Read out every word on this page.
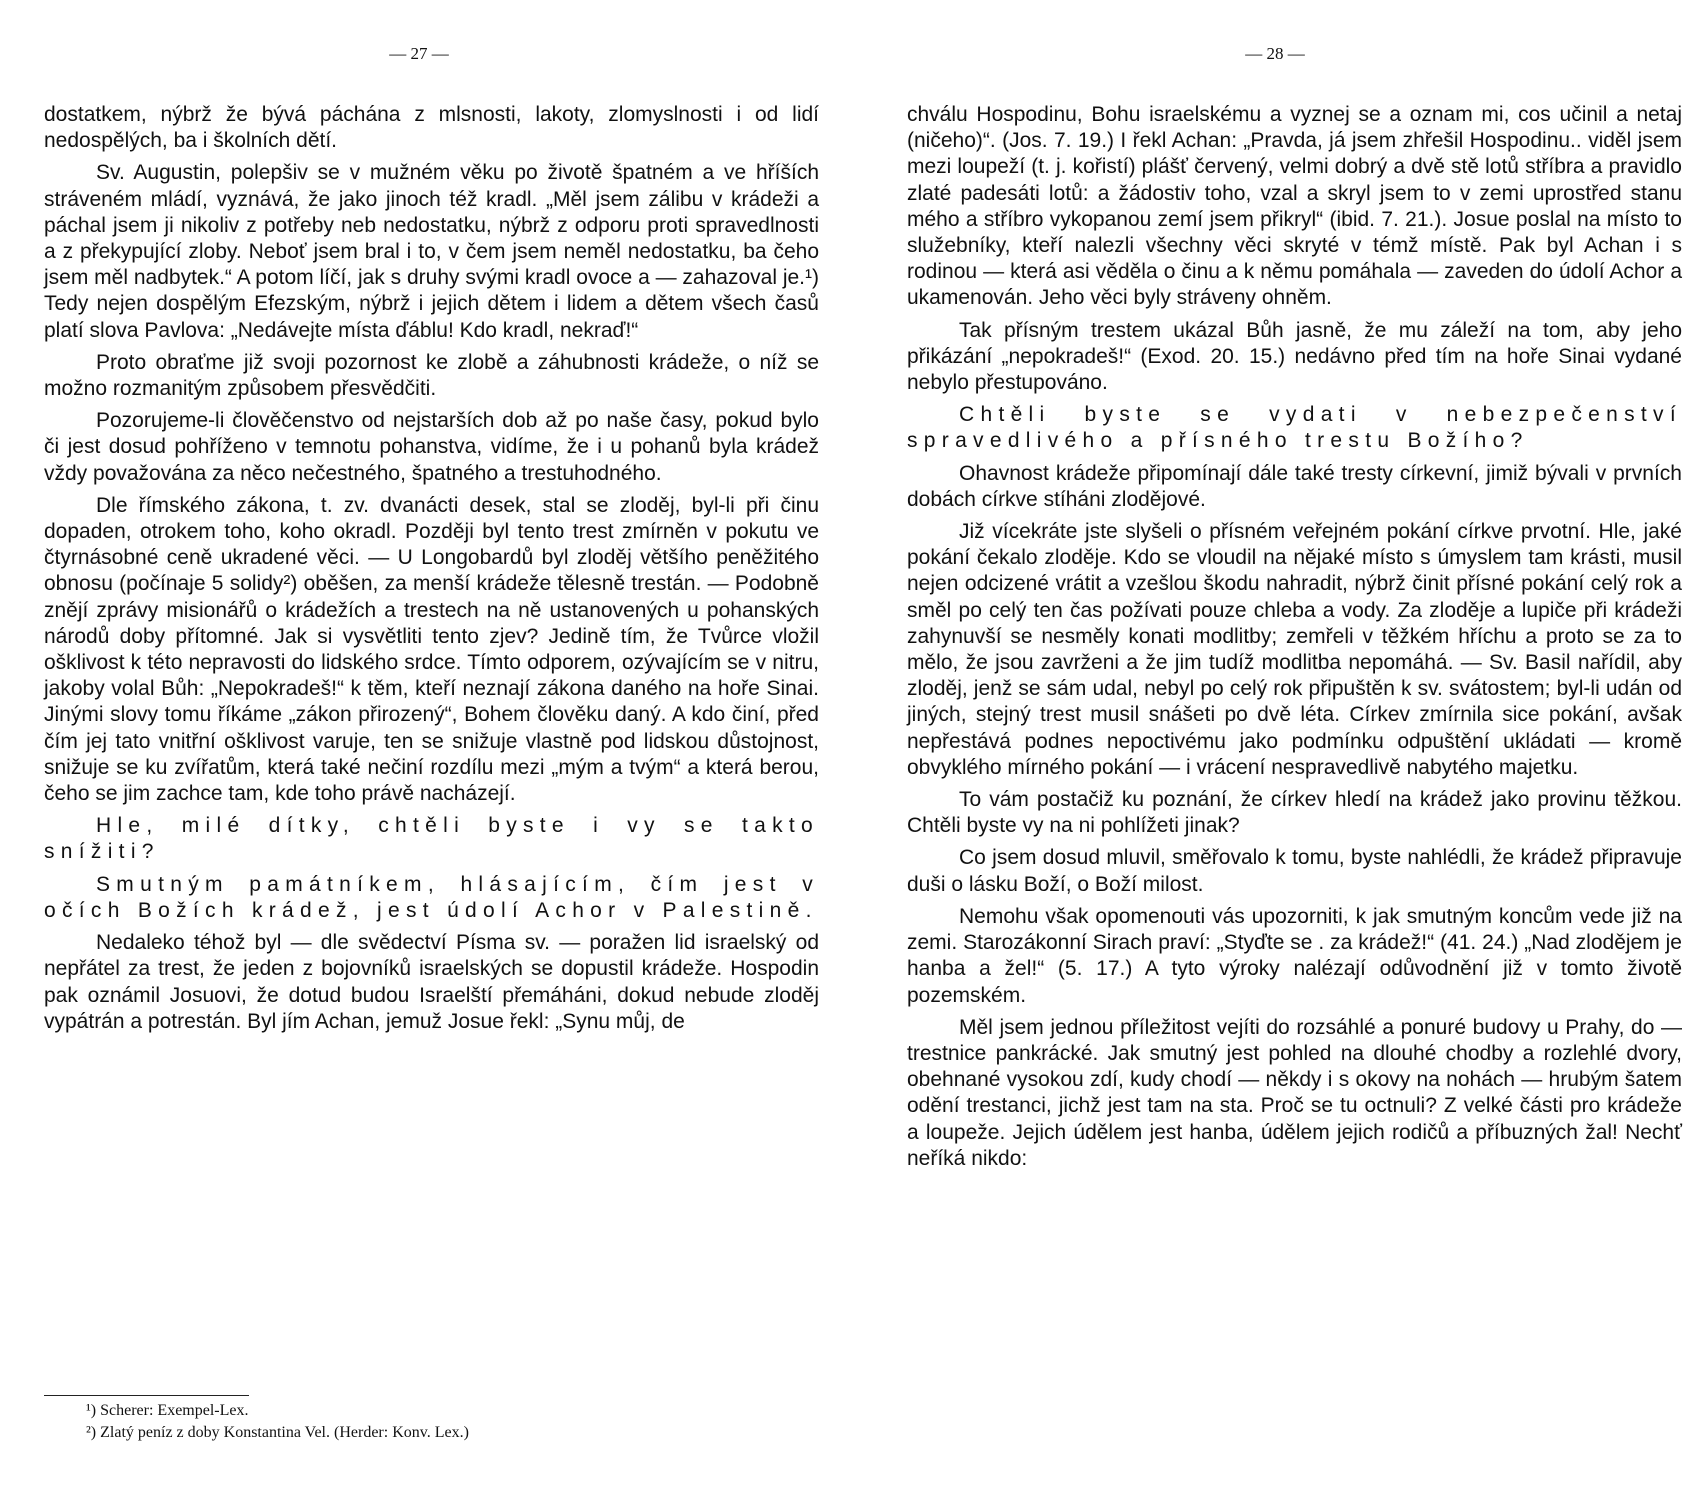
— 27 —

dostatkem, nýbrž že bývá páchána z mlsnosti, lakoty, zlomyslnosti i od lidí nedospělých, ba i školních dětí.

Sv. Augustin, polepšiv se v mužném věku po životě špatném a ve hříších stráveném mládí, vyznává, že jako jinoch též kradl. „Měl jsem zálibu v krádeži a páchal jsem ji nikoliv z potřeby neb nedostatku, nýbrž z odporu proti spravedlnosti a z překypující zloby. Neboť jsem bral i to, v čem jsem neměl nedostatku, ba čeho jsem měl nadbytek.“ A potom líčí, jak s druhy svými kradl ovoce a — zahazoval je.¹) Tedy nejen dospělým Efezským, nýbrž i jejich dětem i lidem a dětem všech časů platí slova Pavlova: „Nedávejte místa ďáblu! Kdo kradl, nekraď!“

Proto obraťme již svoji pozornost ke zlobě a záhubnosti krádeže, o níž se možno rozmanitým způsobem přesvědčiti.

Pozorujeme-li člověčenstvo od nejstarších dob až po naše časy, pokud bylo či jest dosud pohříženo v temnotu pohanstva, vidíme, že i u pohanů byla krádež vždy považována za něco nečestného, špatného a trestuhodného.

Dle římského zákona, t. zv. dvanácti desek, stal se zloděj, byl-li při činu dopaden, otrokem toho, koho okradl. Později byl tento trest zmírněn v pokutu ve čtyrnásobné ceně ukradené věci. — U Longobardů byl zloděj většího peněžitého obnosu (počínaje 5 solidy²) oběšen, za menší krádeže tělesně trestán. — Podobně znějí zprávy misionářů o krádežích a trestech na ně ustanovených u pohanských národů doby přítomné. Jak si vysvětliti tento zjev? Jedině tím, že Tvůrce vložil ošklivost k této nepravosti do lidského srdce. Tímto odporem, ozývajícím se v nitru, jakoby volal Bůh: „Nepokradeš!“ k těm, kteří neznají zákona daného na hoře Sinai. Jinými slovy tomu říkáme „zákon přirozený“, Bohem člověku daný. A kdo činí, před čím jej tato vnitřní ošklivost varuje, ten se snižuje vlastně pod lidskou důstojnost, snižuje se ku zvířatům, která také nečiní rozdílu mezi „mým a tvým“ a která berou, čeho se jim zachce tam, kde toho právě nacházejí.

Hle, milé dítky, chtěli byste i vy se takto snížiti?

Smutným památníkem, hlásajícím, čím jest v očích Božích krádež, jest údolí Achor v Palestině.

Nedaleko téhož byl — dle svědectví Písma sv. — poražen lid israelský od nepřátel za trest, že jeden z bojovníků israelských se dopustil krádeže. Hospodin pak oznámil Josuovi, že dotud budou Israelští přemáháni, dokud nebude zloděj vypátrán a potrestán. Byl jím Achan, jemuž Josue řekl: „Synu můj, de

¹) Scherer: Exempel-Lex.
²) Zlatý peníz z doby Konstantina Vel. (Herder: Konv. Lex.)
— 28 —

chválu Hospodinu, Bohu israelskému a vyznej se a oznam mi, cos učinil a netaj (ničeho)“. (Jos. 7. 19.) I řekl Achan: „Pravda, já jsem zhřešil Hospodinu.. viděl jsem mezi loupeží (t. j. kořistí) plášť červený, velmi dobrý a dvě stě lotů stříbra a pravidlo zlaté padesáti lotů: a žádostiv toho, vzal a skryl jsem to v zemi uprostřed stanu mého a stříbro vykopanou zemí jsem přikryl“ (ibid. 7. 21.). Josue poslal na místo to služebníky, kteří nalezli všechny věci skryté v témž místě. Pak byl Achan i s rodinou — která asi věděla o činu a k němu pomáhala — zaveden do údolí Achor a ukamenován. Jeho věci byly stráveny ohněm.

Tak přísným trestem ukázal Bůh jasně, že mu záleží na tom, aby jeho přikázání „nepokradeš!“ (Exod. 20. 15.) nedávno před tím na hoře Sinai vydané nebylo přestupováno.

Chtěli byste se vydati v nebezpečenství spravedlivého a přísného trestu Božího?

Ohavnost krádeže připomínají dále také tresty církevní, jimiž bývali v prvních dobách církve stíháni zlodějové.

Již vícekráte jste slyšeli o přísném veřejném pokání církve prvotní. Hle, jaké pokání čekalo zloděje. Kdo se vloudil na nějaké místo s úmyslem tam krásti, musil nejen odcizené vrátit a vzešlou škodu nahradit, nýbrž činit přísné pokání celý rok a směl po celý ten čas požívati pouze chleba a vody. Za zloděje a lupiče při krádeži zahynuvší se nesměly konati modlitby; zemřeli v těžkém hříchu a proto se za to mělo, že jsou zavrženi a že jim tudíž modlitba nepomáhá. — Sv. Basil nařídil, aby zloděj, jenž se sám udal, nebyl po celý rok připuštěn k sv. svátostem; byl-li udán od jiných, stejný trest musil snášeti po dvě léta. Církev zmírnila sice pokání, avšak nepřestává podnes nepoctivému jako podmínku odpuštění ukládati — kromě obvyklého mírného pokání — i vrácení nespravedlivě nabytého majetku.

To vám postačiž ku poznání, že církev hledí na krádež jako provinu těžkou. Chtěli byste vy na ni pohlížeti jinak?

Co jsem dosud mluvil, směřovalo k tomu, byste nahlédli, že krádež připravuje duši o lásku Boží, o Boží milost.

Nemohu však opomenouti vás upozorniti, k jak smutným koncům vede již na zemi. Starozákonní Sirach praví: „Styďte se . za krádež!“ (41. 24.) „Nad zlodějem je hanba a žel!“ (5. 17.) A tyto výroky nalézají odůvodnění již v tomto životě pozemském.

Měl jsem jednou příležitost vejíti do rozsáhlé a ponuré budovy u Prahy, do — trestnice pankrácké. Jak smutný jest pohled na dlouhé chodby a rozlehlé dvory, obehnané vysokou zdí, kudy chodí — někdy i s okovy na nohách — hrubým šatem odění trestanci, jichž jest tam na sta. Proč se tu octnuli? Z velké části pro krádeže a loupeže. Jejich údělem jest hanba, údělem jejich rodičů a příbuzných žal! Nechť neříká nikdo:
